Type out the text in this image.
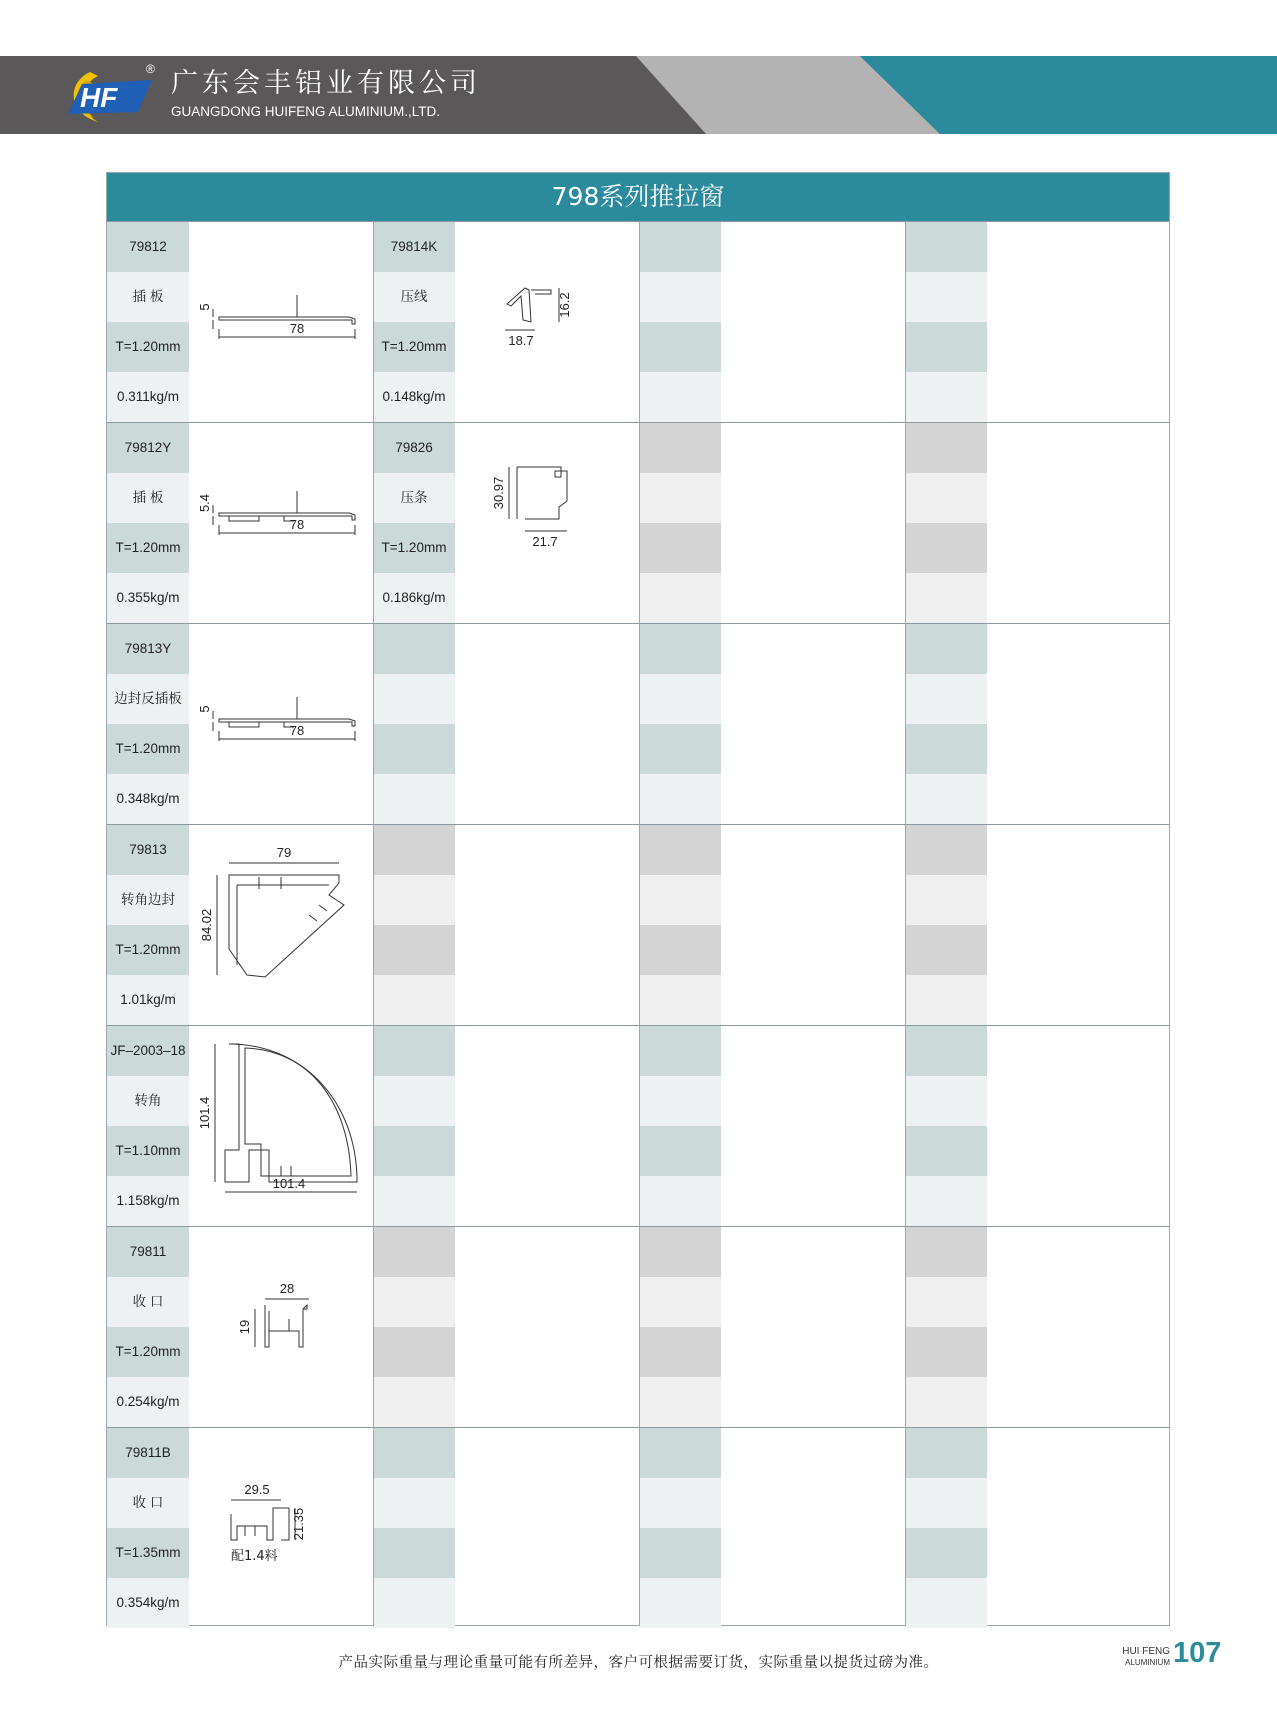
HF
® 广东会丰铝业有限公司
GUANGDONG HUIFENG ALUMINIUM.,LTD.
798系列推拉窗
79812
插 板
T=1.20mm
0.311kg/m
78
5
79814K
压线
T=1.20mm
0.148kg/m
18.7
16.2
79812Y
插 板
T=1.20mm
0.355kg/m
78
5.4
79826
压条
T=1.20mm
0.186kg/m
21.7
30.97
79813Y
边封反插板
T=1.20mm
0.348kg/m
78
5
79813
转角边封
T=1.20mm
1.01kg/m
79
84.02
JF–2003–18
转角
T=1.10mm
1.158kg/m
101.4
101.4
79811
收 口
T=1.20mm
0.254kg/m
28
19
79811B
收 口
T=1.35mm
0.354kg/m
29.5
21.35
配1.4料
产品实际重量与理论重量可能有所差异，客户可根据需要订货，实际重量以提货过磅为准。
HUI FENG
ALUMINIUM 107
